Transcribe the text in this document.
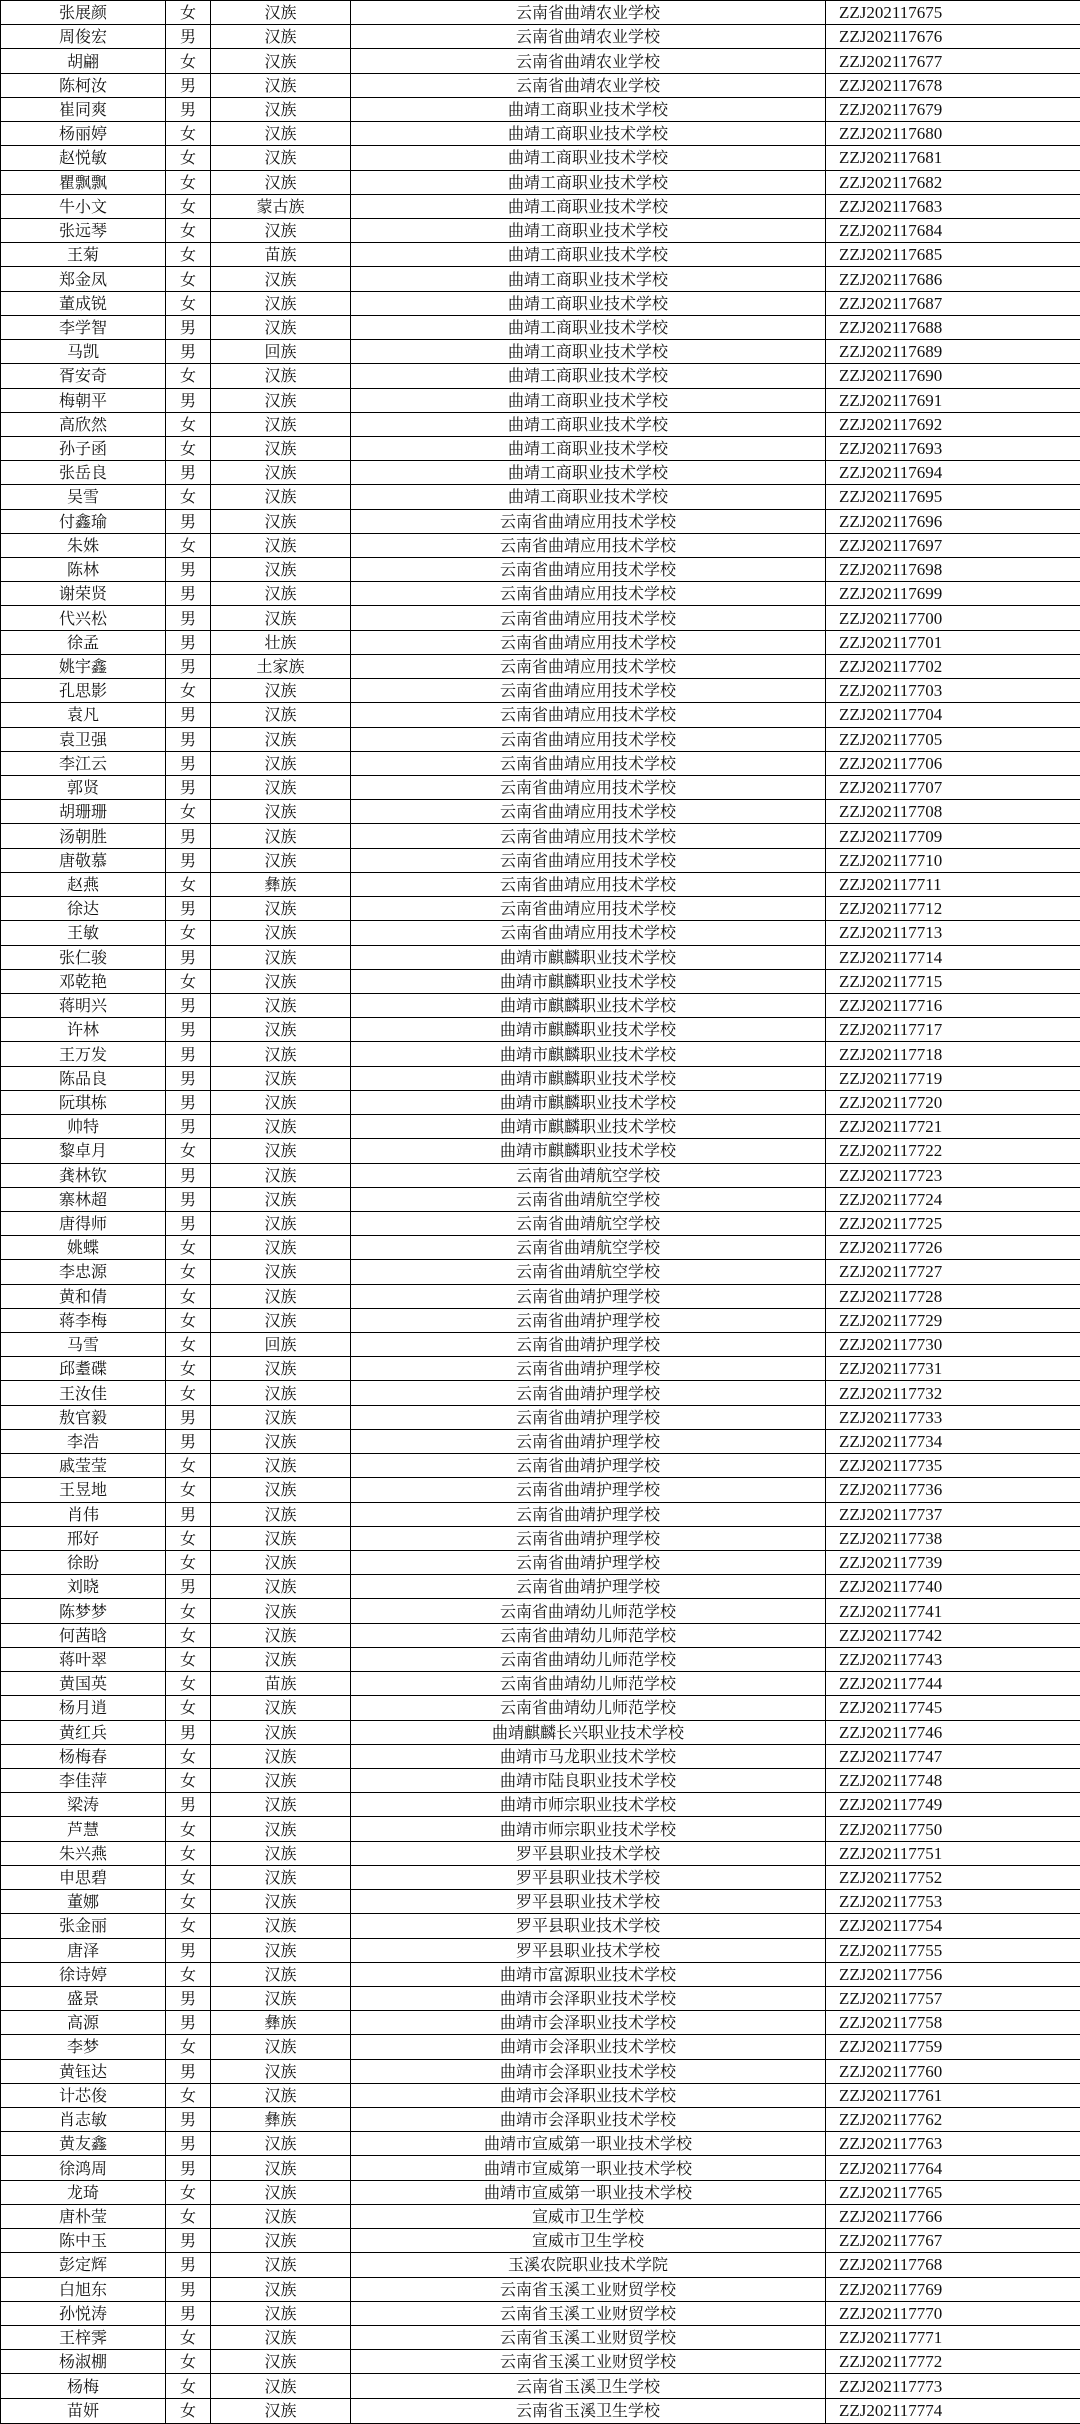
张展颜	女	汉族	云南省曲靖农业学校	ZZJ202117675
周俊宏	男	汉族	云南省曲靖农业学校	ZZJ202117676
胡翩	女	汉族	云南省曲靖农业学校	ZZJ202117677
陈柯汝	男	汉族	云南省曲靖农业学校	ZZJ202117678
崔同爽	男	汉族	曲靖工商职业技术学校	ZZJ202117679
杨丽婷	女	汉族	曲靖工商职业技术学校	ZZJ202117680
赵悦敏	女	汉族	曲靖工商职业技术学校	ZZJ202117681
瞿飘飘	女	汉族	曲靖工商职业技术学校	ZZJ202117682
牛小文	女	蒙古族	曲靖工商职业技术学校	ZZJ202117683
张远琴	女	汉族	曲靖工商职业技术学校	ZZJ202117684
王菊	女	苗族	曲靖工商职业技术学校	ZZJ202117685
郑金凤	女	汉族	曲靖工商职业技术学校	ZZJ202117686
董成锐	女	汉族	曲靖工商职业技术学校	ZZJ202117687
李学智	男	汉族	曲靖工商职业技术学校	ZZJ202117688
马凯	男	回族	曲靖工商职业技术学校	ZZJ202117689
胥安奇	女	汉族	曲靖工商职业技术学校	ZZJ202117690
梅朝平	男	汉族	曲靖工商职业技术学校	ZZJ202117691
高欣然	女	汉族	曲靖工商职业技术学校	ZZJ202117692
孙子函	女	汉族	曲靖工商职业技术学校	ZZJ202117693
张岳良	男	汉族	曲靖工商职业技术学校	ZZJ202117694
吴雪	女	汉族	曲靖工商职业技术学校	ZZJ202117695
付鑫瑜	男	汉族	云南省曲靖应用技术学校	ZZJ202117696
朱姝	女	汉族	云南省曲靖应用技术学校	ZZJ202117697
陈林	男	汉族	云南省曲靖应用技术学校	ZZJ202117698
谢荣贤	男	汉族	云南省曲靖应用技术学校	ZZJ202117699
代兴松	男	汉族	云南省曲靖应用技术学校	ZZJ202117700
徐孟	男	壮族	云南省曲靖应用技术学校	ZZJ202117701
姚宇鑫	男	土家族	云南省曲靖应用技术学校	ZZJ202117702
孔思影	女	汉族	云南省曲靖应用技术学校	ZZJ202117703
袁凡	男	汉族	云南省曲靖应用技术学校	ZZJ202117704
袁卫强	男	汉族	云南省曲靖应用技术学校	ZZJ202117705
李江云	男	汉族	云南省曲靖应用技术学校	ZZJ202117706
郭贤	男	汉族	云南省曲靖应用技术学校	ZZJ202117707
胡珊珊	女	汉族	云南省曲靖应用技术学校	ZZJ202117708
汤朝胜	男	汉族	云南省曲靖应用技术学校	ZZJ202117709
唐敬慕	男	汉族	云南省曲靖应用技术学校	ZZJ202117710
赵燕	女	彝族	云南省曲靖应用技术学校	ZZJ202117711
徐达	男	汉族	云南省曲靖应用技术学校	ZZJ202117712
王敏	女	汉族	云南省曲靖应用技术学校	ZZJ202117713
张仁骏	男	汉族	曲靖市麒麟职业技术学校	ZZJ202117714
邓乾艳	女	汉族	曲靖市麒麟职业技术学校	ZZJ202117715
蒋明兴	男	汉族	曲靖市麒麟职业技术学校	ZZJ202117716
许林	男	汉族	曲靖市麒麟职业技术学校	ZZJ202117717
王万发	男	汉族	曲靖市麒麟职业技术学校	ZZJ202117718
陈品良	男	汉族	曲靖市麒麟职业技术学校	ZZJ202117719
阮琪栋	男	汉族	曲靖市麒麟职业技术学校	ZZJ202117720
帅特	男	汉族	曲靖市麒麟职业技术学校	ZZJ202117721
黎卓月	女	汉族	曲靖市麒麟职业技术学校	ZZJ202117722
龚林钦	男	汉族	云南省曲靖航空学校	ZZJ202117723
寨林超	男	汉族	云南省曲靖航空学校	ZZJ202117724
唐得师	男	汉族	云南省曲靖航空学校	ZZJ202117725
姚蝶	女	汉族	云南省曲靖航空学校	ZZJ202117726
李忠源	女	汉族	云南省曲靖航空学校	ZZJ202117727
黄和倩	女	汉族	云南省曲靖护理学校	ZZJ202117728
蒋李梅	女	汉族	云南省曲靖护理学校	ZZJ202117729
马雪	女	回族	云南省曲靖护理学校	ZZJ202117730
邱耋碟	女	汉族	云南省曲靖护理学校	ZZJ202117731
王汝佳	女	汉族	云南省曲靖护理学校	ZZJ202117732
敖官毅	男	汉族	云南省曲靖护理学校	ZZJ202117733
李浩	男	汉族	云南省曲靖护理学校	ZZJ202117734
戚莹莹	女	汉族	云南省曲靖护理学校	ZZJ202117735
王昱地	女	汉族	云南省曲靖护理学校	ZZJ202117736
肖伟	男	汉族	云南省曲靖护理学校	ZZJ202117737
邢好	女	汉族	云南省曲靖护理学校	ZZJ202117738
徐盼	女	汉族	云南省曲靖护理学校	ZZJ202117739
刘晓	男	汉族	云南省曲靖护理学校	ZZJ202117740
陈梦梦	女	汉族	云南省曲靖幼儿师范学校	ZZJ202117741
何茜晗	女	汉族	云南省曲靖幼儿师范学校	ZZJ202117742
蒋叶翠	女	汉族	云南省曲靖幼儿师范学校	ZZJ202117743
黄国英	女	苗族	云南省曲靖幼儿师范学校	ZZJ202117744
杨月逍	女	汉族	云南省曲靖幼儿师范学校	ZZJ202117745
黄红兵	男	汉族	曲靖麒麟长兴职业技术学校	ZZJ202117746
杨梅春	女	汉族	曲靖市马龙职业技术学校	ZZJ202117747
李佳萍	女	汉族	曲靖市陆良职业技术学校	ZZJ202117748
梁涛	男	汉族	曲靖市师宗职业技术学校	ZZJ202117749
芦慧	女	汉族	曲靖市师宗职业技术学校	ZZJ202117750
朱兴燕	女	汉族	罗平县职业技术学校	ZZJ202117751
申思碧	女	汉族	罗平县职业技术学校	ZZJ202117752
董娜	女	汉族	罗平县职业技术学校	ZZJ202117753
张金丽	女	汉族	罗平县职业技术学校	ZZJ202117754
唐泽	男	汉族	罗平县职业技术学校	ZZJ202117755
徐诗婷	女	汉族	曲靖市富源职业技术学校	ZZJ202117756
盛景	男	汉族	曲靖市会泽职业技术学校	ZZJ202117757
高源	男	彝族	曲靖市会泽职业技术学校	ZZJ202117758
李梦	女	汉族	曲靖市会泽职业技术学校	ZZJ202117759
黄钰达	男	汉族	曲靖市会泽职业技术学校	ZZJ202117760
计芯俊	女	汉族	曲靖市会泽职业技术学校	ZZJ202117761
肖志敏	男	彝族	曲靖市会泽职业技术学校	ZZJ202117762
黄友鑫	男	汉族	曲靖市宣威第一职业技术学校	ZZJ202117763
徐鸿周	男	汉族	曲靖市宣威第一职业技术学校	ZZJ202117764
龙琦	女	汉族	曲靖市宣威第一职业技术学校	ZZJ202117765
唐朴莹	女	汉族	宣威市卫生学校	ZZJ202117766
陈中玉	男	汉族	宣威市卫生学校	ZZJ202117767
彭定辉	男	汉族	玉溪农院职业技术学院	ZZJ202117768
白旭东	男	汉族	云南省玉溪工业财贸学校	ZZJ202117769
孙悦涛	男	汉族	云南省玉溪工业财贸学校	ZZJ202117770
王梓霁	女	汉族	云南省玉溪工业财贸学校	ZZJ202117771
杨淑棚	女	汉族	云南省玉溪工业财贸学校	ZZJ202117772
杨梅	女	汉族	云南省玉溪卫生学校	ZZJ202117773
苗妍	女	汉族	云南省玉溪卫生学校	ZZJ202117774
